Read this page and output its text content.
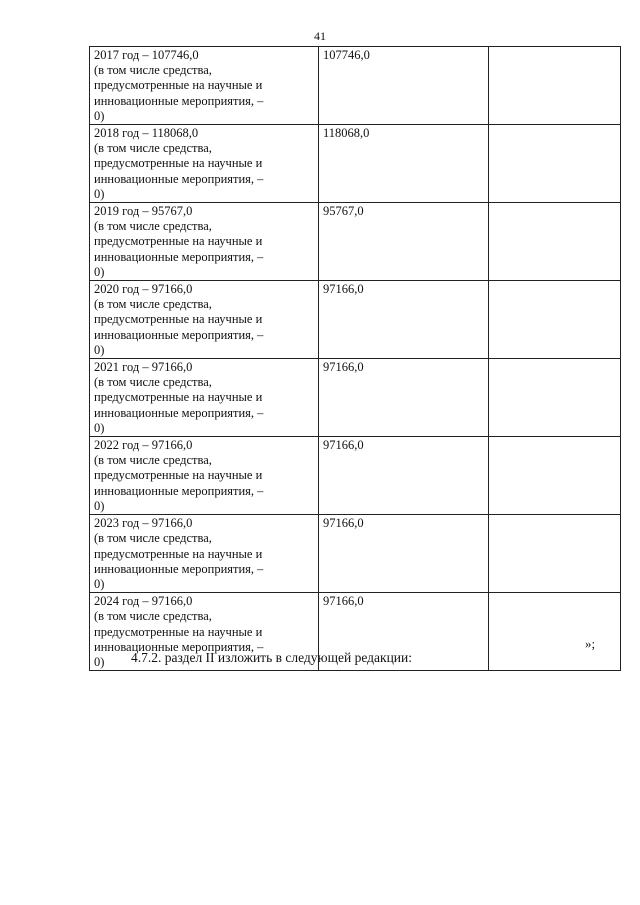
41
2017 год – 107746,0
(в том числе средства,
предусмотренные на научные и
инновационные мероприятия, –
0)	107746,0	

2018 год – 118068,0
(в том числе средства,
предусмотренные на научные и
инновационные мероприятия, –
0)	118068,0	

2019 год – 95767,0
(в том числе средства,
предусмотренные на научные и
инновационные мероприятия, –
0)	95767,0	

2020 год – 97166,0
(в том числе средства,
предусмотренные на научные и
инновационные мероприятия, –
0)	97166,0	

2021 год – 97166,0
(в том числе средства,
предусмотренные на научные и
инновационные мероприятия, –
0)	97166,0	

2022 год – 97166,0
(в том числе средства,
предусмотренные на научные и
инновационные мероприятия, –
0)	97166,0	

2023 год – 97166,0
(в том числе средства,
предусмотренные на научные и
инновационные мероприятия, –
0)	97166,0	

2024 год – 97166,0
(в том числе средства,
предусмотренные на научные и
инновационные мероприятия, –
0)	97166,0	
»;
4.7.2. раздел II изложить в следующей редакции:
